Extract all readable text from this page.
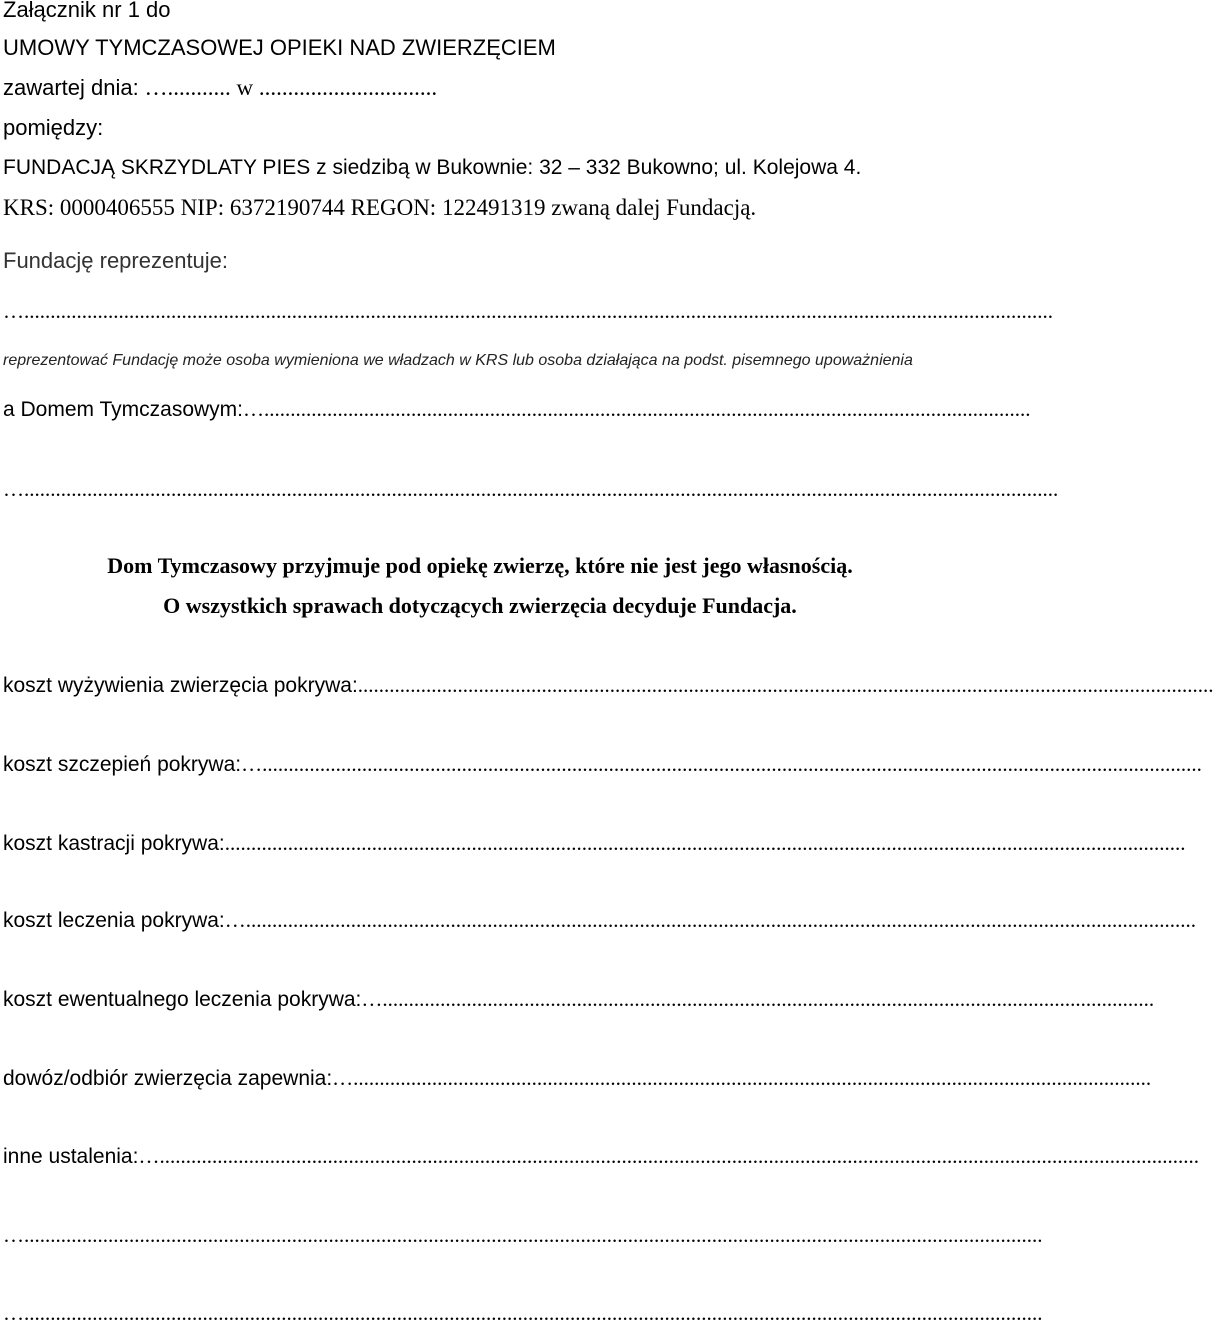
Załącznik nr 1 do
UMOWY TYMCZASOWEJ OPIEKI NAD ZWIERZĘCIEM
zawartej dnia: …........... w ...............................
pomiędzy:
FUNDACJĄ SKRZYDLATY PIES z siedzibą w Bukownie: 32 – 332 Bukowno; ul. Kolejowa 4.
KRS: 0000406555 NIP: 6372190744 REGON: 122491319 zwaną dalej Fundacją.
Fundację reprezentuje:
…....................................................................................................................................................................................................
reprezentować Fundację może osoba wymieniona we władzach w KRS lub osoba działająca na podst. pisemnego upoważnienia
a Domem Tymczasowym: …..................................................................................................................................................
….....................................................................................................................................................................................................
Dom Tymczasowy przyjmuje pod opiekę zwierzę, które nie jest jego własnością.
O wszystkich sprawach dotyczących zwierzęcia decyduje Fundacja.
koszt wyżywienia zwierzęcia pokrywa: ...................................................................................................................................................................
koszt szczepień pokrywa: …...................................................................................................................................................................................
koszt kastracji pokrywa: .......................................................................................................................................................................................
koszt leczenia pokrywa: ….....................................................................................................................................................................................
koszt ewentualnego leczenia pokrywa: …...................................................................................................................................................
dowóz/odbiór zwierzęcia zapewnia: …........................................................................................................................................................
inne ustalenia: …......................................................................................................................................................................................................
…..................................................................................................................................................................................................
…..................................................................................................................................................................................................
